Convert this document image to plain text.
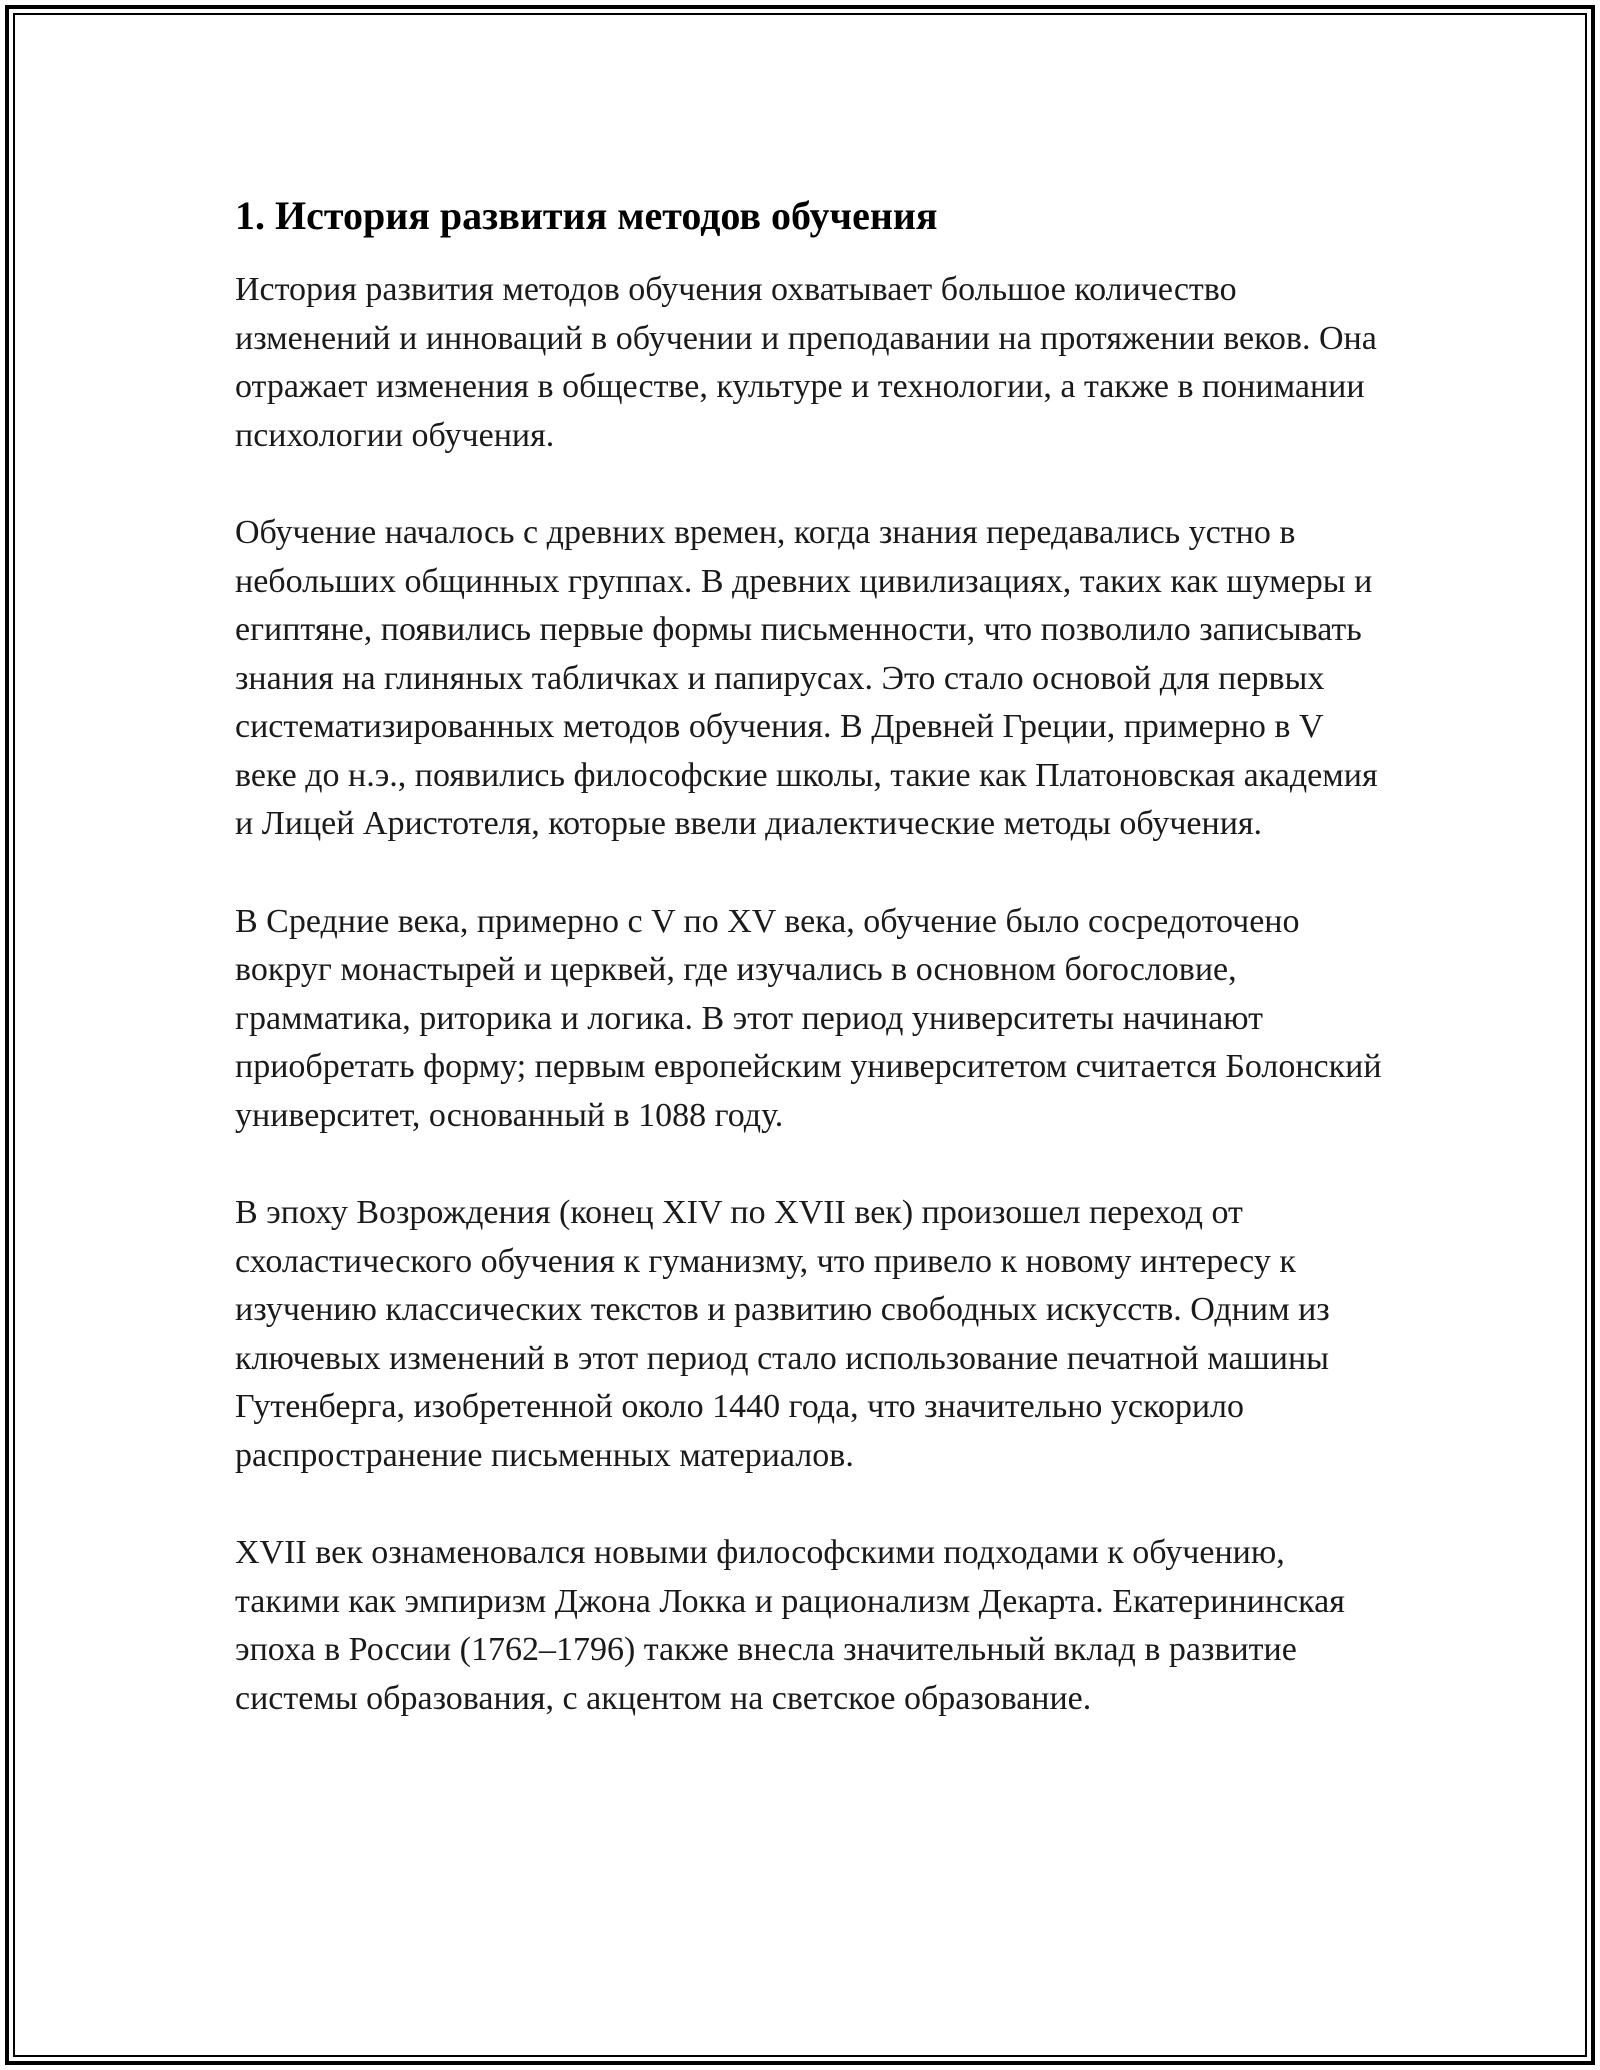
1. История развития методов обучения

История развития методов обучения охватывает большое количество изменений и инноваций в обучении и преподавании на протяжении веков. Она отражает изменения в обществе, культуре и технологии, а также в понимании психологии обучения.

Обучение началось с древних времен, когда знания передавались устно в небольших общинных группах. В древних цивилизациях, таких как шумеры и египтяне, появились первые формы письменности, что позволило записывать знания на глиняных табличках и папирусах. Это стало основой для первых систематизированных методов обучения. В Древней Греции, примерно в V веке до н.э., появились философские школы, такие как Платоновская академия и Лицей Аристотеля, которые ввели диалектические методы обучения.

В Средние века, примерно с V по XV века, обучение было сосредоточено вокруг монастырей и церквей, где изучались в основном богословие, грамматика, риторика и логика. В этот период университеты начинают приобретать форму; первым европейским университетом считается Болонский университет, основанный в 1088 году.

В эпоху Возрождения (конец XIV по XVII век) произошел переход от схоластического обучения к гуманизму, что привело к новому интересу к изучению классических текстов и развитию свободных искусств. Одним из ключевых изменений в этот период стало использование печатной машины Гутенберга, изобретенной около 1440 года, что значительно ускорило распространение письменных материалов.

XVII век ознаменовался новыми философскими подходами к обучению, такими как эмпиризм Джона Локка и рационализм Декарта. Екатерининская эпоха в России (1762–1796) также внесла значительный вклад в развитие системы образования, с акцентом на светское образование.
